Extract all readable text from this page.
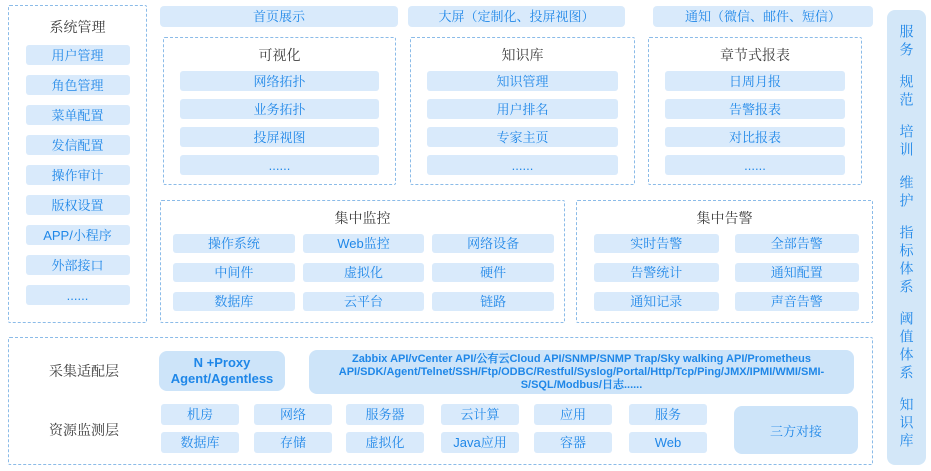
系统管理
用户管理
角色管理
菜单配置
发信配置
操作审计
版权设置
APP/小程序
外部接口
......
首页展示	大屏（定制化、投屏视图）	通知（微信、邮件、短信）
可视化
网络拓扑
业务拓扑
投屏视图
......
知识库
知识管理
用户排名
专家主页
......
章节式报表
日周月报
告警报表
对比报表
......
集中监控
操作系统	Web监控	网络设备
中间件	虚拟化	硬件
数据库	云平台	链路
集中告警
实时告警	全部告警
告警统计	通知配置
通知记录	声音告警
采集适配层
N +Proxy Agent/Agentless
Zabbix API/vCenter API/公有云Cloud API/SNMP/SNMP Trap/Sky walking API/Prometheus API/SDK/Agent/Telnet/SSH/Ftp/ODBC/Restful/Syslog/Portal/Http/Tcp/Ping/JMX/IPMI/WMI/SMI-S/SQL/Modbus/日志......
资源监测层
机房	网络	服务器	云计算	应用	服务
数据库	存储	虚拟化	Java应用	容器	Web
三方对接
服务
规范
培训
维护
指标体系
阈值体系
知识库
